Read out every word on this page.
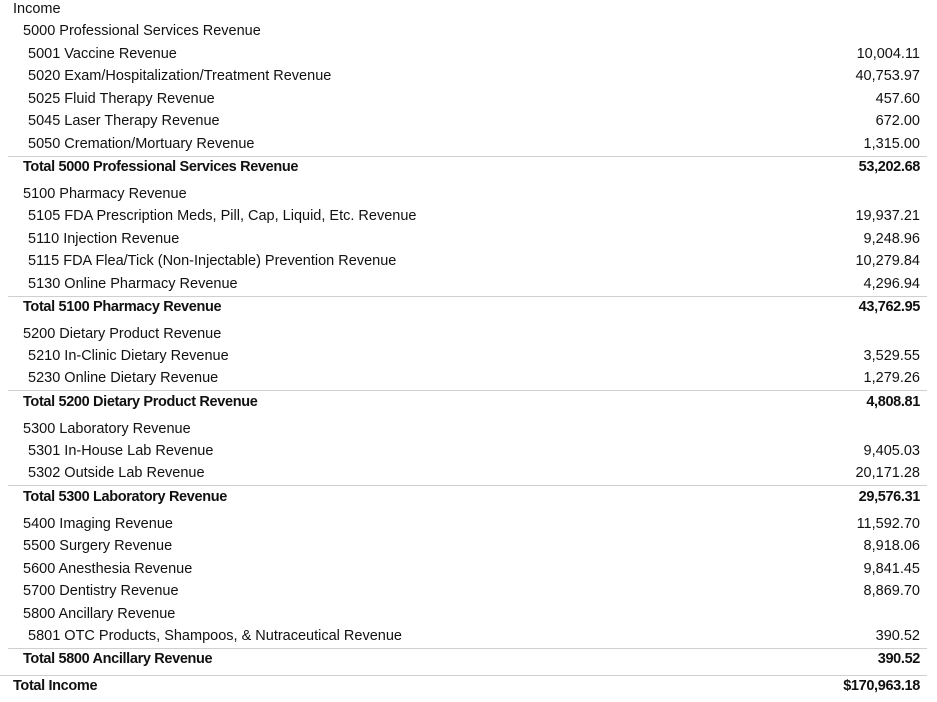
Income
5000 Professional Services Revenue
5001 Vaccine Revenue	10,004.11
5020 Exam/Hospitalization/Treatment Revenue	40,753.97
5025 Fluid Therapy Revenue	457.60
5045 Laser Therapy Revenue	672.00
5050 Cremation/Mortuary Revenue	1,315.00
Total 5000 Professional Services Revenue	53,202.68
5100 Pharmacy Revenue
5105 FDA Prescription Meds, Pill, Cap, Liquid, Etc. Revenue	19,937.21
5110 Injection Revenue	9,248.96
5115 FDA Flea/Tick (Non-Injectable) Prevention Revenue	10,279.84
5130 Online Pharmacy Revenue	4,296.94
Total 5100 Pharmacy Revenue	43,762.95
5200 Dietary Product Revenue
5210 In-Clinic Dietary Revenue	3,529.55
5230 Online Dietary Revenue	1,279.26
Total 5200 Dietary Product Revenue	4,808.81
5300 Laboratory Revenue
5301 In-House Lab Revenue	9,405.03
5302 Outside Lab Revenue	20,171.28
Total 5300 Laboratory Revenue	29,576.31
5400 Imaging Revenue	11,592.70
5500 Surgery Revenue	8,918.06
5600 Anesthesia Revenue	9,841.45
5700 Dentistry Revenue	8,869.70
5800 Ancillary Revenue
5801 OTC Products, Shampoos, & Nutraceutical Revenue	390.52
Total 5800 Ancillary Revenue	390.52
Total Income	$170,963.18
